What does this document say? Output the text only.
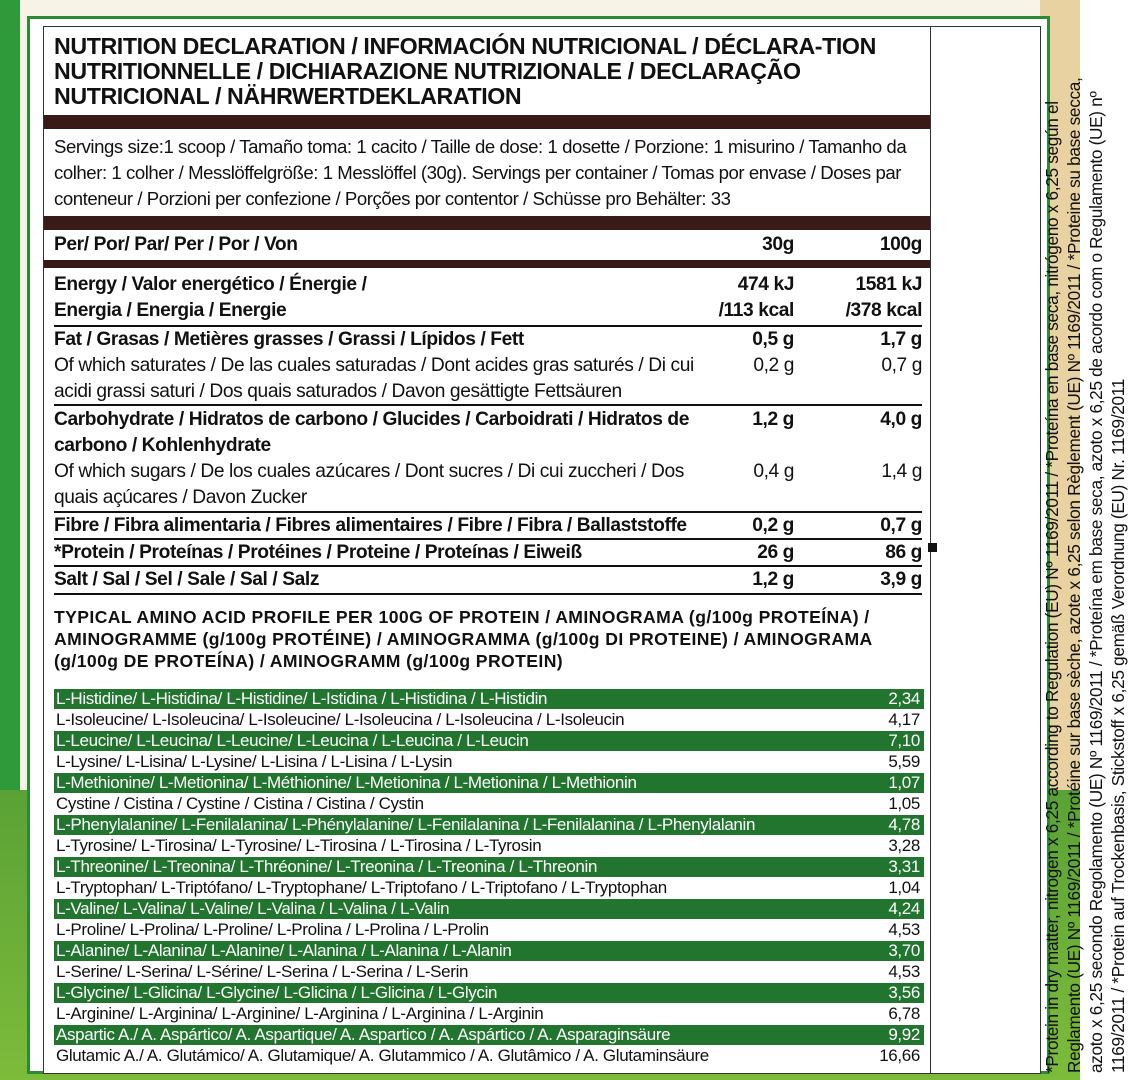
*Protein in dry matter, nitrogen x 6,25 according to Regulation (EU) Nº 1169/2011 / *Proteína en base seca, nitrógeno x 6,25 según el Reglamento (UE) Nº 1169/2011 / *Protéine sur base sèche, azote x 6,25 selon Règlement (UE) Nº 1169/2011 / *Proteine su base secca, azoto x 6,25 secondo Regolamento (UE) Nº 1169/2011 / *Proteína em base seca, azoto x 6,25 de acordo com o Regulamento (UE) nº 1169/2011 / *Protein auf Trockenbasis, Stickstoff x 6,25 gemäß Verordnung (EU) Nr. 1169/2011

NUTRITION DECLARATION / INFORMACIÓN NUTRICIONAL / DÉCLARA-TION NUTRITIONNELLE / DICHIARAZIONE NUTRIZIONALE / DECLARAÇÃO NUTRICIONAL / NÄHRWERTDEKLARATION

Servings size:1 scoop / Tamaño toma: 1 cacito / Taille de dose: 1 dosette / Porzione: 1 misurino / Tamanho da colher: 1 colher / Messlöffelgröße: 1 Messlöffel (30g). Servings per container / Tomas por envase / Doses par conteneur / Porzioni per confezione / Porções por contentor / Schüsse pro Behälter: 33

Per/ Por/ Par/ Per / Por / Von	30g	100g
Energy / Valor energético / Énergie /	474 kJ	1581 kJ
Energia / Energia / Energie	/113 kcal	/378 kcal
Fat / Grasas / Metières grasses / Grassi / Lípidos / Fett	0,5 g	1,7 g
Of which saturates / De las cuales saturadas / Dont acides gras saturés / Di cui	0,2 g	0,7 g
acidi grassi saturi / Dos quais saturados / Davon gesättigte Fettsäuren
Carbohydrate / Hidratos de carbono / Glucides / Carboidrati / Hidratos de	1,2 g	4,0 g
carbono / Kohlenhydrate
Of which sugars / De los cuales azúcares / Dont sucres / Di cui zuccheri / Dos	0,4 g	1,4 g
quais açúcares / Davon Zucker
Fibre / Fibra alimentaria / Fibres alimentaires / Fibre / Fibra / Ballaststoffe	0,2 g	0,7 g
*Protein / Proteínas / Protéines / Proteine / Proteínas / Eiweiß	26 g	86 g
Salt / Sal / Sel / Sale / Sal / Salz	1,2 g	3,9 g

TYPICAL AMINO ACID PROFILE PER 100G OF PROTEIN / AMINOGRAMA (g/100g PROTEÍNA) / AMINOGRAMME (g/100g PROTÉINE) / AMINOGRAMMA (g/100g DI PROTEINE) / AMINOGRAMA (g/100g DE PROTEÍNA) / AMINOGRAMM (g/100g PROTEIN)

L-Histidine/ L-Histidina/ L-Histidine/ L-Istidina / L-Histidina / L-Histidin	2,34
L-Isoleucine/ L-Isoleucina/ L-Isoleucine/ L-Isoleucina / L-Isoleucina / L-Isoleucin	4,17
L-Leucine/ L-Leucina/ L-Leucine/ L-Leucina / L-Leucina / L-Leucin	7,10
L-Lysine/ L-Lisina/ L-Lysine/ L-Lisina / L-Lisina / L-Lysin	5,59
L-Methionine/ L-Metionina/ L-Méthionine/ L-Metionina / L-Metionina / L-Methionin	1,07
Cystine / Cistina / Cystine / Cistina / Cistina / Cystin	1,05
L-Phenylalanine/ L-Fenilalanina/ L-Phénylalanine/ L-Fenilalanina / L-Fenilalanina / L-Phenylalanin	4,78
L-Tyrosine/ L-Tirosina/ L-Tyrosine/ L-Tirosina / L-Tirosina / L-Tyrosin	3,28
L-Threonine/ L-Treonina/ L-Thréonine/ L-Treonina / L-Treonina / L-Threonin	3,31
L-Tryptophan/ L-Triptófano/ L-Tryptophane/ L-Triptofano / L-Triptofano / L-Tryptophan	1,04
L-Valine/ L-Valina/ L-Valine/ L-Valina / L-Valina / L-Valin	4,24
L-Proline/ L-Prolina/ L-Proline/ L-Prolina / L-Prolina / L-Prolin	4,53
L-Alanine/ L-Alanina/ L-Alanine/ L-Alanina / L-Alanina / L-Alanin	3,70
L-Serine/ L-Serina/ L-Sérine/ L-Serina / L-Serina / L-Serin	4,53
L-Glycine/ L-Glicina/ L-Glycine/ L-Glicina / L-Glicina / L-Glycin	3,56
L-Arginine/ L-Arginina/ L-Arginine/ L-Arginina / L-Arginina / L-Arginin	6,78
Aspartic A./ A. Aspártico/ A. Aspartique/ A. Aspartico / A. Aspártico / A. Asparaginsäure	9,92
Glutamic A./ A. Glutámico/ A. Glutamique/ A. Glutammico / A. Glutâmico / A. Glutaminsäure	16,66
